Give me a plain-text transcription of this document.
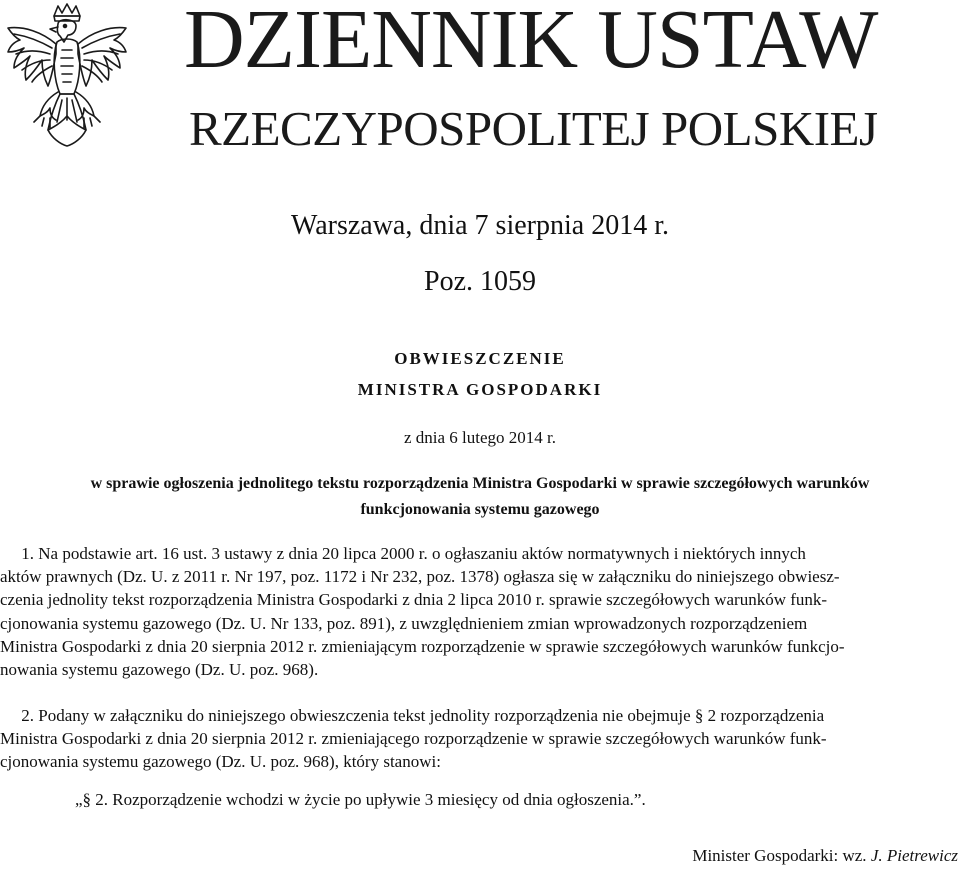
DZIENNIK USTAW
RZECZYPOSPOLITEJ POLSKIEJ
Warszawa, dnia 7 sierpnia 2014 r.
Poz. 1059
OBWIESZCZENIE
MINISTRA GOSPODARKI
z dnia 6 lutego 2014 r.
w sprawie ogłoszenia jednolitego tekstu rozporządzenia Ministra Gospodarki w sprawie szczegółowych warunków
funkcjonowania systemu gazowego
1. Na podstawie art. 16 ust. 3 ustawy z dnia 20 lipca 2000 r. o ogłaszaniu aktów normatywnych i niektórych innych
aktów prawnych (Dz. U. z 2011 r. Nr 197, poz. 1172 i Nr 232, poz. 1378) ogłasza się w załączniku do niniejszego obwiesz-
czenia jednolity tekst rozporządzenia Ministra Gospodarki z dnia 2 lipca 2010 r. sprawie szczegółowych warunków funk-
cjonowania systemu gazowego (Dz. U. Nr 133, poz. 891), z uwzględnieniem zmian wprowadzonych rozporządzeniem
Ministra Gospodarki z dnia 20 sierpnia 2012 r. zmieniającym rozporządzenie w sprawie szczegółowych warunków funkcjo-
nowania systemu gazowego (Dz. U. poz. 968).
2. Podany w załączniku do niniejszego obwieszczenia tekst jednolity rozporządzenia nie obejmuje § 2 rozporządzenia
Ministra Gospodarki z dnia 20 sierpnia 2012 r. zmieniającego rozporządzenie w sprawie szczegółowych warunków funk-
cjonowania systemu gazowego (Dz. U. poz. 968), który stanowi:
„§ 2. Rozporządzenie wchodzi w życie po upływie 3 miesięcy od dnia ogłoszenia.”.
Minister Gospodarki: wz. J. Pietrewicz
